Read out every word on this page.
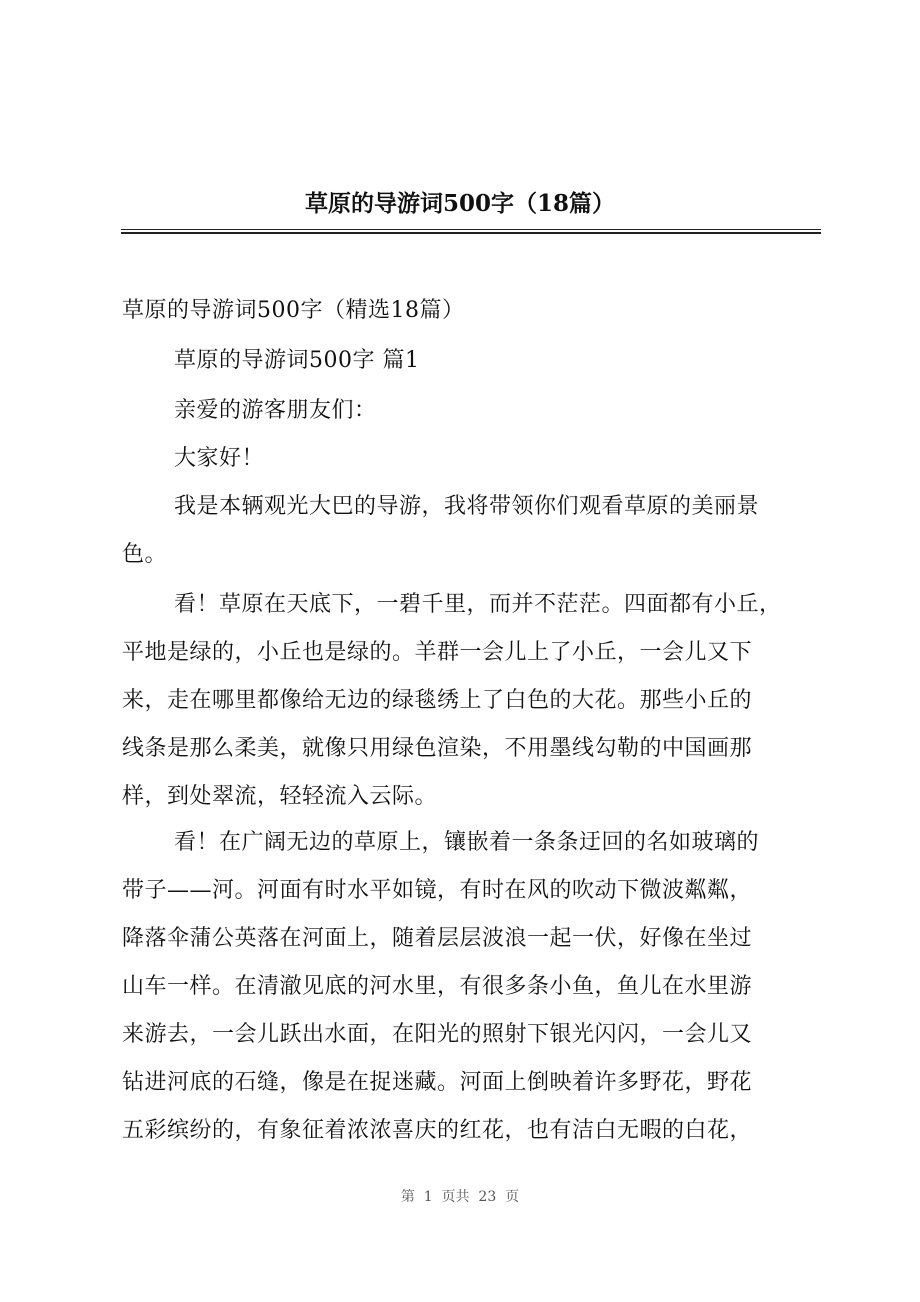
草原的导游词500字（18篇）
草原的导游词500字（精选18篇）
草原的导游词500字 篇1
亲爱的游客朋友们：
大家好！
我是本辆观光大巴的导游，我将带领你们观看草原的美丽景
色。
看！草原在天底下，一碧千里，而并不茫茫。四面都有小丘，
平地是绿的，小丘也是绿的。羊群一会儿上了小丘，一会儿又下
来，走在哪里都像给无边的绿毯绣上了白色的大花。那些小丘的
线条是那么柔美，就像只用绿色渲染，不用墨线勾勒的中国画那
样，到处翠流，轻轻流入云际。
看！在广阔无边的草原上，镶嵌着一条条迂回的名如玻璃的
带子——河。河面有时水平如镜，有时在风的吹动下微波粼粼，
降落伞蒲公英落在河面上，随着层层波浪一起一伏，好像在坐过
山车一样。在清澈见底的河水里，有很多条小鱼，鱼儿在水里游
来游去，一会儿跃出水面，在阳光的照射下银光闪闪，一会儿又
钻进河底的石缝，像是在捉迷藏。河面上倒映着许多野花，野花
五彩缤纷的，有象征着浓浓喜庆的红花，也有洁白无暇的白花，
第  1  页共  23  页
